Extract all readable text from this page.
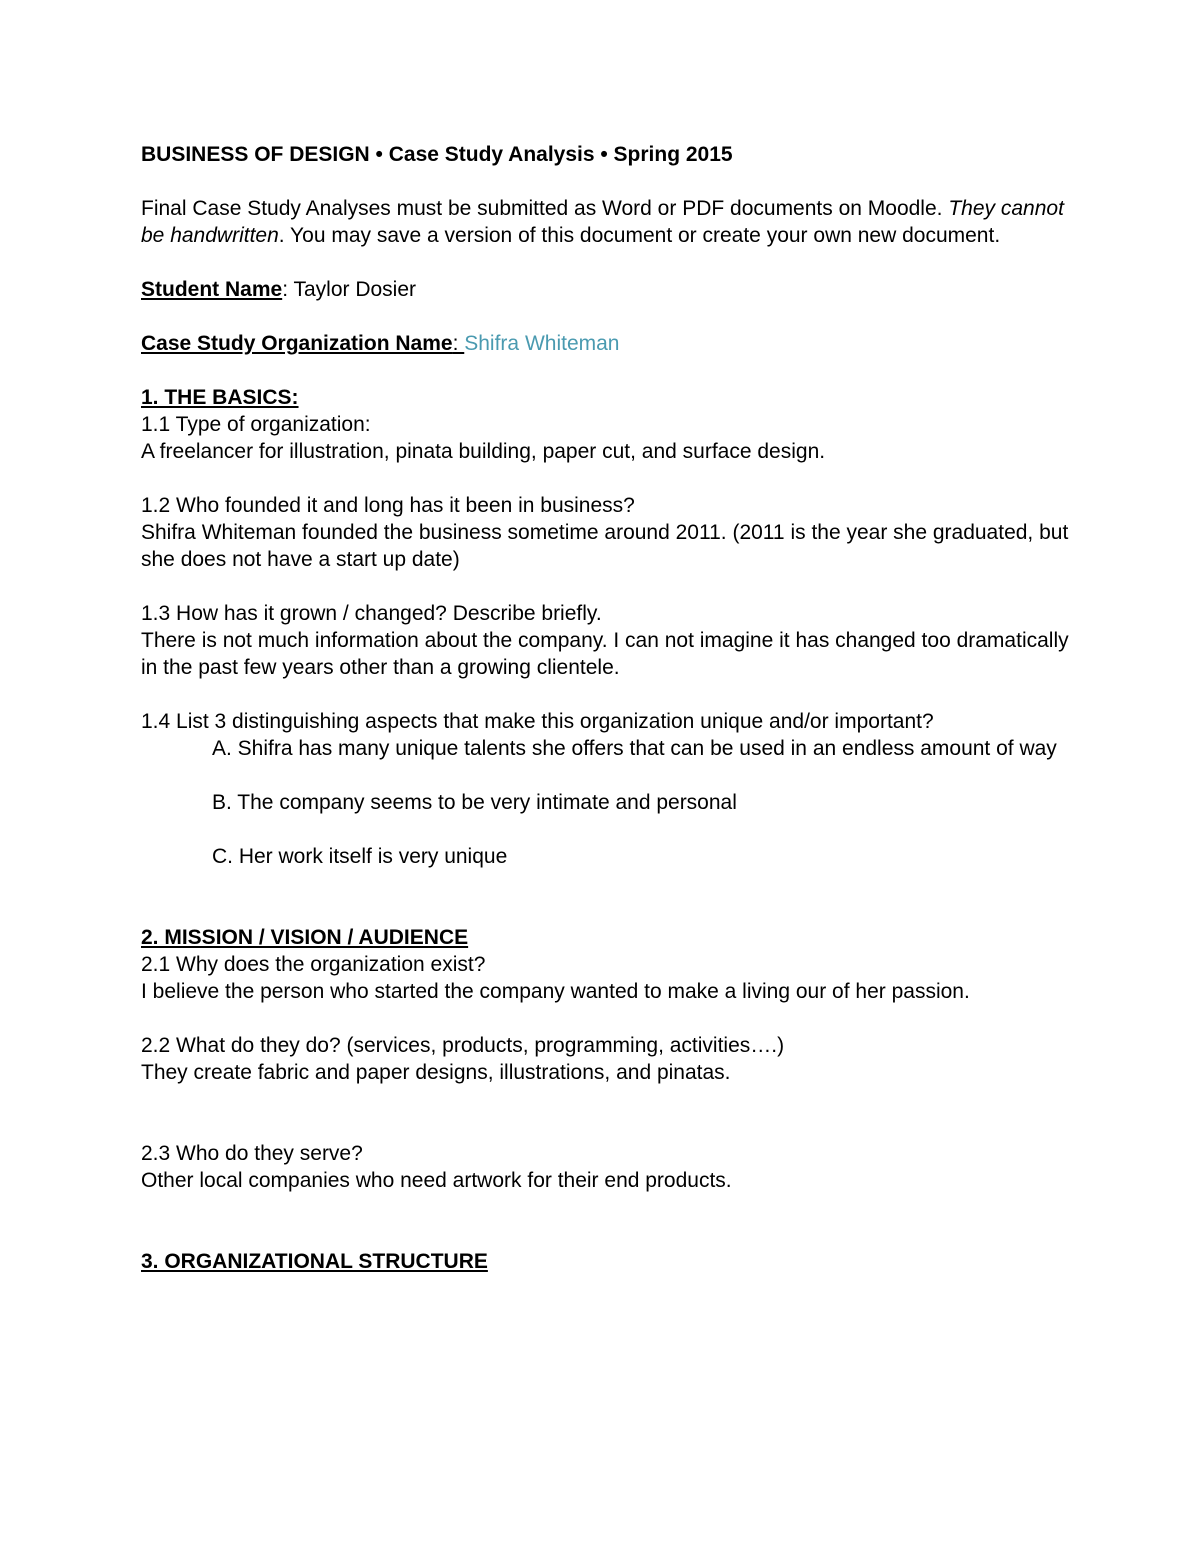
BUSINESS OF DESIGN • Case Study Analysis • Spring 2015

Final Case Study Analyses must be submitted as Word or PDF documents on Moodle. They cannot be handwritten. You may save a version of this document or create your own new document.

Student Name: Taylor Dosier

Case Study Organization Name: Shifra Whiteman

1. THE BASICS:

1.1 Type of organization:

A freelancer for illustration, pinata building, paper cut, and surface design.

1.2 Who founded it and long has it been in business?

Shifra Whiteman founded the business sometime around 2011. (2011 is the year she graduated, but she does not have a start up date)

1.3 How has it grown / changed? Describe briefly.

There is not much information about the company. I can not imagine it has changed too dramatically in the past few years other than a growing clientele.

1.4 List 3 distinguishing aspects that make this organization unique and/or important?

A. Shifra has many unique talents she offers that can be used in an endless amount of way

B. The company seems to be very intimate and personal

C. Her work itself is very unique

2. MISSION / VISION / AUDIENCE

2.1 Why does the organization exist?

I believe the person who started the company wanted to make a living our of her passion.

2.2 What do they do? (services, products, programming, activities….)

They create fabric and paper designs, illustrations, and pinatas.

2.3 Who do they serve?

Other local companies who need artwork for their end products.

3. ORGANIZATIONAL STRUCTURE
